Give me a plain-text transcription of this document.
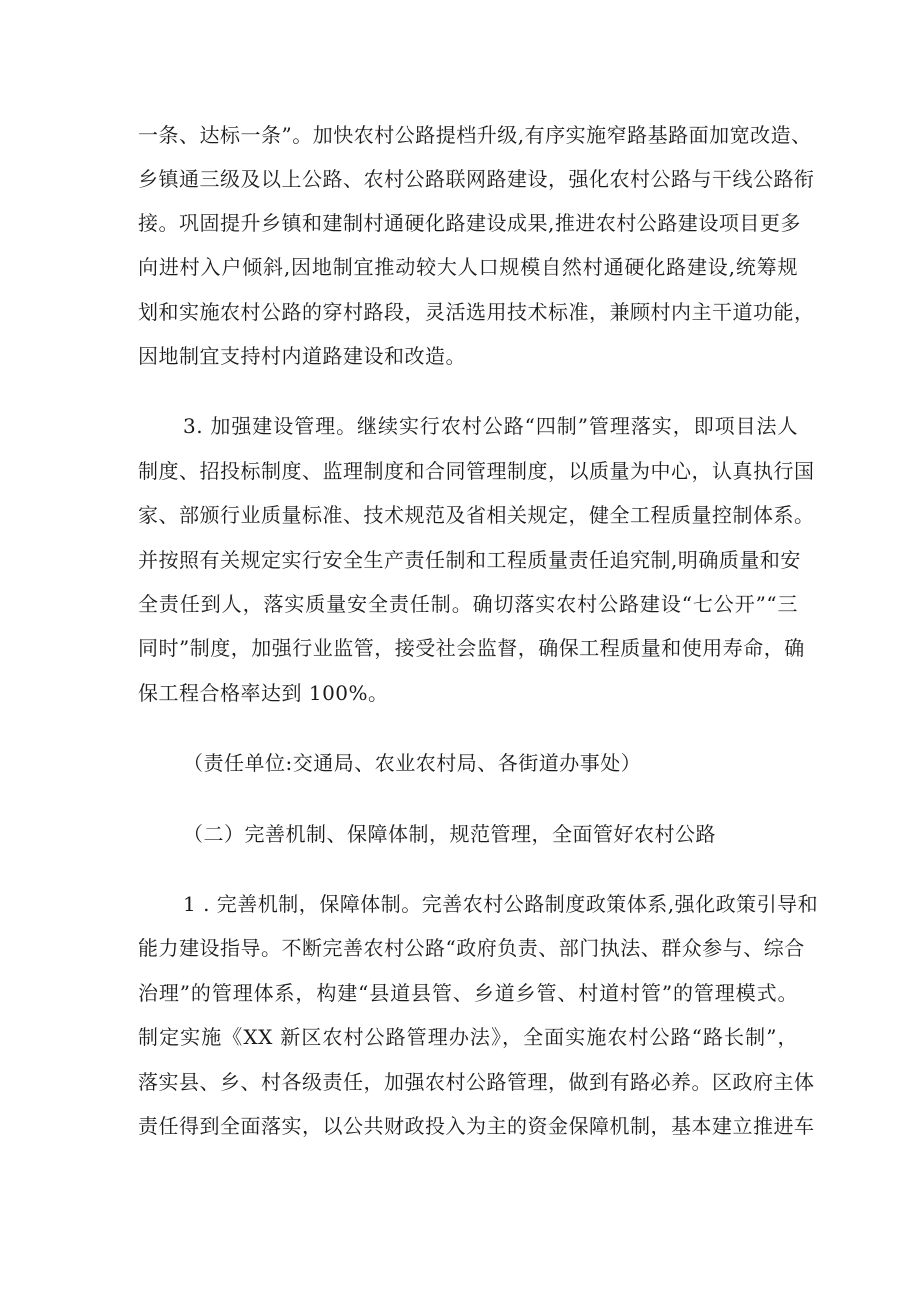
一条、达标一条”。加快农村公路提档升级,有序实施窄路基路面加宽改造、
乡镇通三级及以上公路、农村公路联网路建设，强化农村公路与干线公路衔
接。巩固提升乡镇和建制村通硬化路建设成果,推进农村公路建设项目更多
向进村入户倾斜,因地制宜推动较大人口规模自然村通硬化路建设,统筹规
划和实施农村公路的穿村路段，灵活选用技术标准，兼顾村内主干道功能，
因地制宜支持村内道路建设和改造。
3. 加强建设管理。继续实行农村公路“四制”管理落实，即项目法人
制度、招投标制度、监理制度和合同管理制度，以质量为中心，认真执行国
家、部颁行业质量标准、技术规范及省相关规定，健全工程质量控制体系。
并按照有关规定实行安全生产责任制和工程质量责任追究制,明确质量和安
全责任到人，落实质量安全责任制。确切落实农村公路建设“七公开”“三
同时”制度，加强行业监管，接受社会监督，确保工程质量和使用寿命，确
保工程合格率达到 100%。
（责任单位:交通局、农业农村局、各街道办事处）
（二）完善机制、保障体制，规范管理，全面管好农村公路
1 . 完善机制，保障体制。完善农村公路制度政策体系,强化政策引导和
能力建设指导。不断完善农村公路“政府负责、部门执法、群众参与、综合
治理”的管理体系，构建“县道县管、乡道乡管、村道村管”的管理模式。
制定实施《XX 新区农村公路管理办法》，全面实施农村公路“路长制”，
落实县、乡、村各级责任，加强农村公路管理，做到有路必养。区政府主体
责任得到全面落实，以公共财政投入为主的资金保障机制，基本建立推进车
